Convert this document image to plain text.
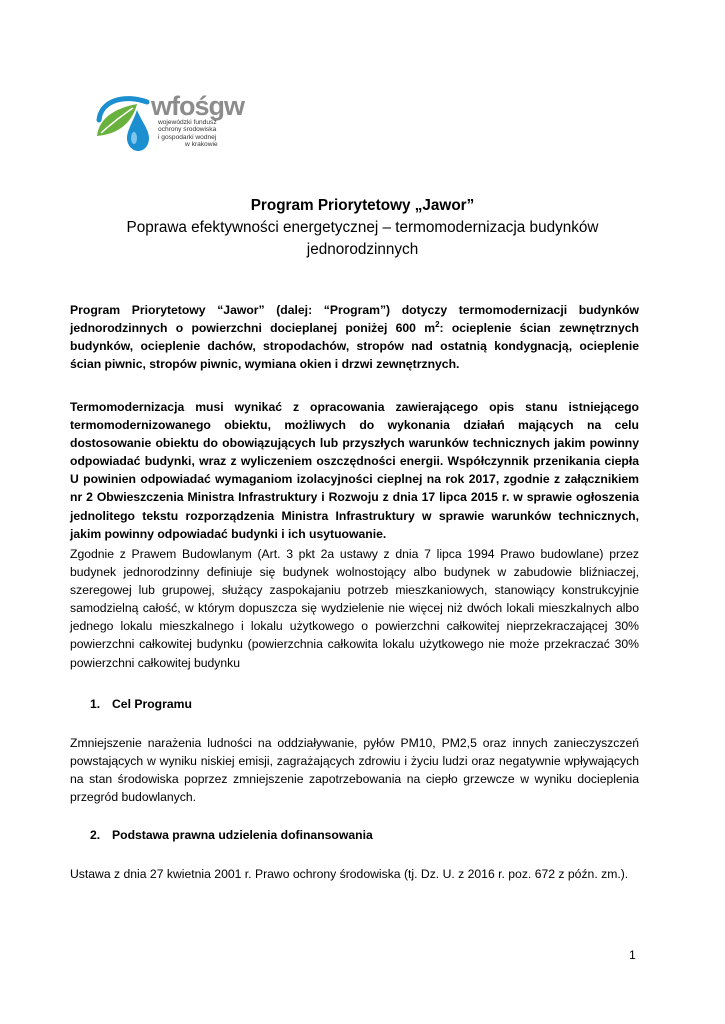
wfośgw
wojewódzki fundusz
ochrony środowiska
i gospodarki wodnej
w krakowie
Program Priorytetowy „Jawor”
Poprawa efektywności energetycznej – termomodernizacja budynków
jednorodzinnych
Program Priorytetowy “Jawor” (dalej: “Program”) dotyczy termomodernizacji budynków jednorodzinnych o powierzchni docieplanej poniżej 600 $m^2$: ocieplenie ścian zewnętrznych budynków, ocieplenie dachów, stropodachów, stropów nad ostatnią kondygnacją, ocieplenie ścian piwnic, stropów piwnic, wymiana okien i drzwi zewnętrznych.
Termomodernizacja musi wynikać z opracowania zawierającego opis stanu istniejącego termomodernizowanego obiektu, możliwych do wykonania działań mających na celu dostosowanie obiektu do obowiązujących lub przyszłych warunków technicznych jakim powinny odpowiadać budynki, wraz z wyliczeniem oszczędności energii. Współczynnik przenikania ciepła U powinien odpowiadać wymaganiom izolacyjności cieplnej na rok 2017, zgodnie z załącznikiem nr 2 Obwieszczenia Ministra Infrastruktury i Rozwoju z dnia 17 lipca 2015 r. w sprawie ogłoszenia jednolitego tekstu rozporządzenia Ministra Infrastruktury w sprawie warunków technicznych, jakim powinny odpowiadać budynki i ich usytuowanie.
Zgodnie z Prawem Budowlanym (Art. 3 pkt 2a ustawy z dnia 7 lipca 1994 Prawo budowlane) przez budynek jednorodzinny definiuje się budynek wolnostojący albo budynek w zabudowie bliźniaczej, szeregowej lub grupowej, służący zaspokajaniu potrzeb mieszkaniowych, stanowiący konstrukcyjnie samodzielną całość, w którym dopuszcza się wydzielenie nie więcej niż dwóch lokali mieszkalnych albo jednego lokalu mieszkalnego i lokalu użytkowego o powierzchni całkowitej nieprzekraczającej 30% powierzchni całkowitej budynku (powierzchnia całkowita lokalu użytkowego nie może przekraczać 30% powierzchni całkowitej budynku
1. Cel Programu
Zmniejszenie narażenia ludności na oddziaływanie, pyłów PM10, PM2,5 oraz innych zanieczyszczeń powstających w wyniku niskiej emisji, zagrażających zdrowiu i życiu ludzi oraz negatywnie wpływających na stan środowiska poprzez zmniejszenie zapotrzebowania na ciepło grzewcze w wyniku docieplenia przegród budowlanych.
2. Podstawa prawna udzielenia dofinansowania
Ustawa z dnia 27 kwietnia 2001 r. Prawo ochrony środowiska (tj. Dz. U. z 2016 r. poz. 672 z późn. zm.).
1
